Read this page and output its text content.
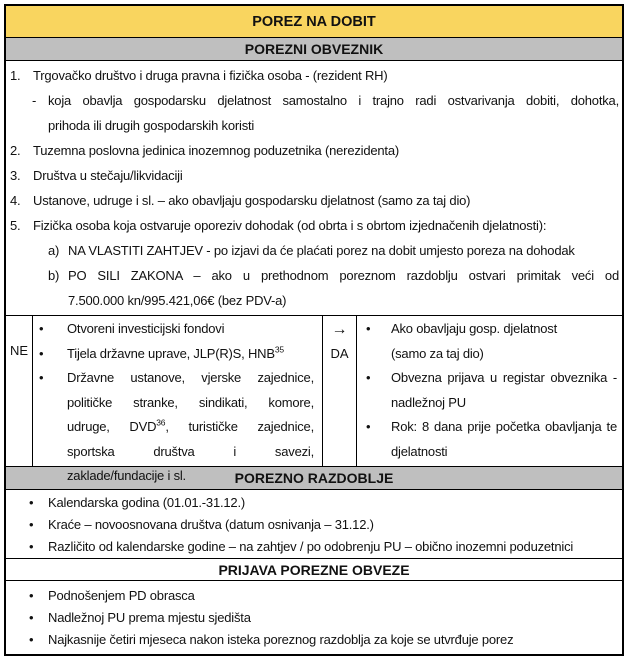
POREZ NA DOBIT
POREZNI OBVEZNIK
1. Trgovačko društvo i druga pravna i fizička osoba - (rezident RH)
- koja obavlja gospodarsku djelatnost samostalno i trajno radi ostvarivanja dobiti, dohotka,
prihoda ili drugih gospodarskih koristi
2. Tuzemna poslovna jedinica inozemnog poduzetnika (nerezidenta)
3. Društva u stečaju/likvidaciji
4. Ustanove, udruge i sl. – ako obavljaju gospodarsku djelatnost (samo za taj dio)
5. Fizička osoba koja ostvaruje oporeziv dohodak (od obrta i s obrtom izjednačenih djelatnosti):
a) NA VLASTITI ZAHTJEV - po izjavi da će plaćati porez na dobit umjesto poreza na dohodak
b) PO SILI ZAKONA – ako u prethodnom poreznom razdoblju ostvari primitak veći od
7.500.000 kn/995.421,06€ (bez PDV-a)
NE
• Otvoreni investicijski fondovi
• Tijela državne uprave, JLP(R)S, HNB$^{35}$
• Državne ustanove, vjerske zajednice,
političke stranke, sindikati, komore,
udruge, DVD$^{36}$, turističke zajednice,
sportska društva i savezi,
zaklade/fundacije i sl.
→
DA
• Ako obavljaju gosp. djelatnost
(samo za taj dio)
• Obvezna prijava u registar obveznika -
nadležnoj PU
• Rok: 8 dana prije početka obavljanja te
djelatnosti
POREZNO RAZDOBLJE
• Kalendarska godina (01.01.-31.12.)
• Kraće – novoosnovana društva (datum osnivanja – 31.12.)
• Različito od kalendarske godine – na zahtjev / po odobrenju PU – obično inozemni poduzetnici
PRIJAVA POREZNE OBVEZE
• Podnošenjem PD obrasca
• Nadležnoj PU prema mjestu sjedišta
• Najkasnije četiri mjeseca nakon isteka poreznog razdoblja za koje se utvrđuje porez
